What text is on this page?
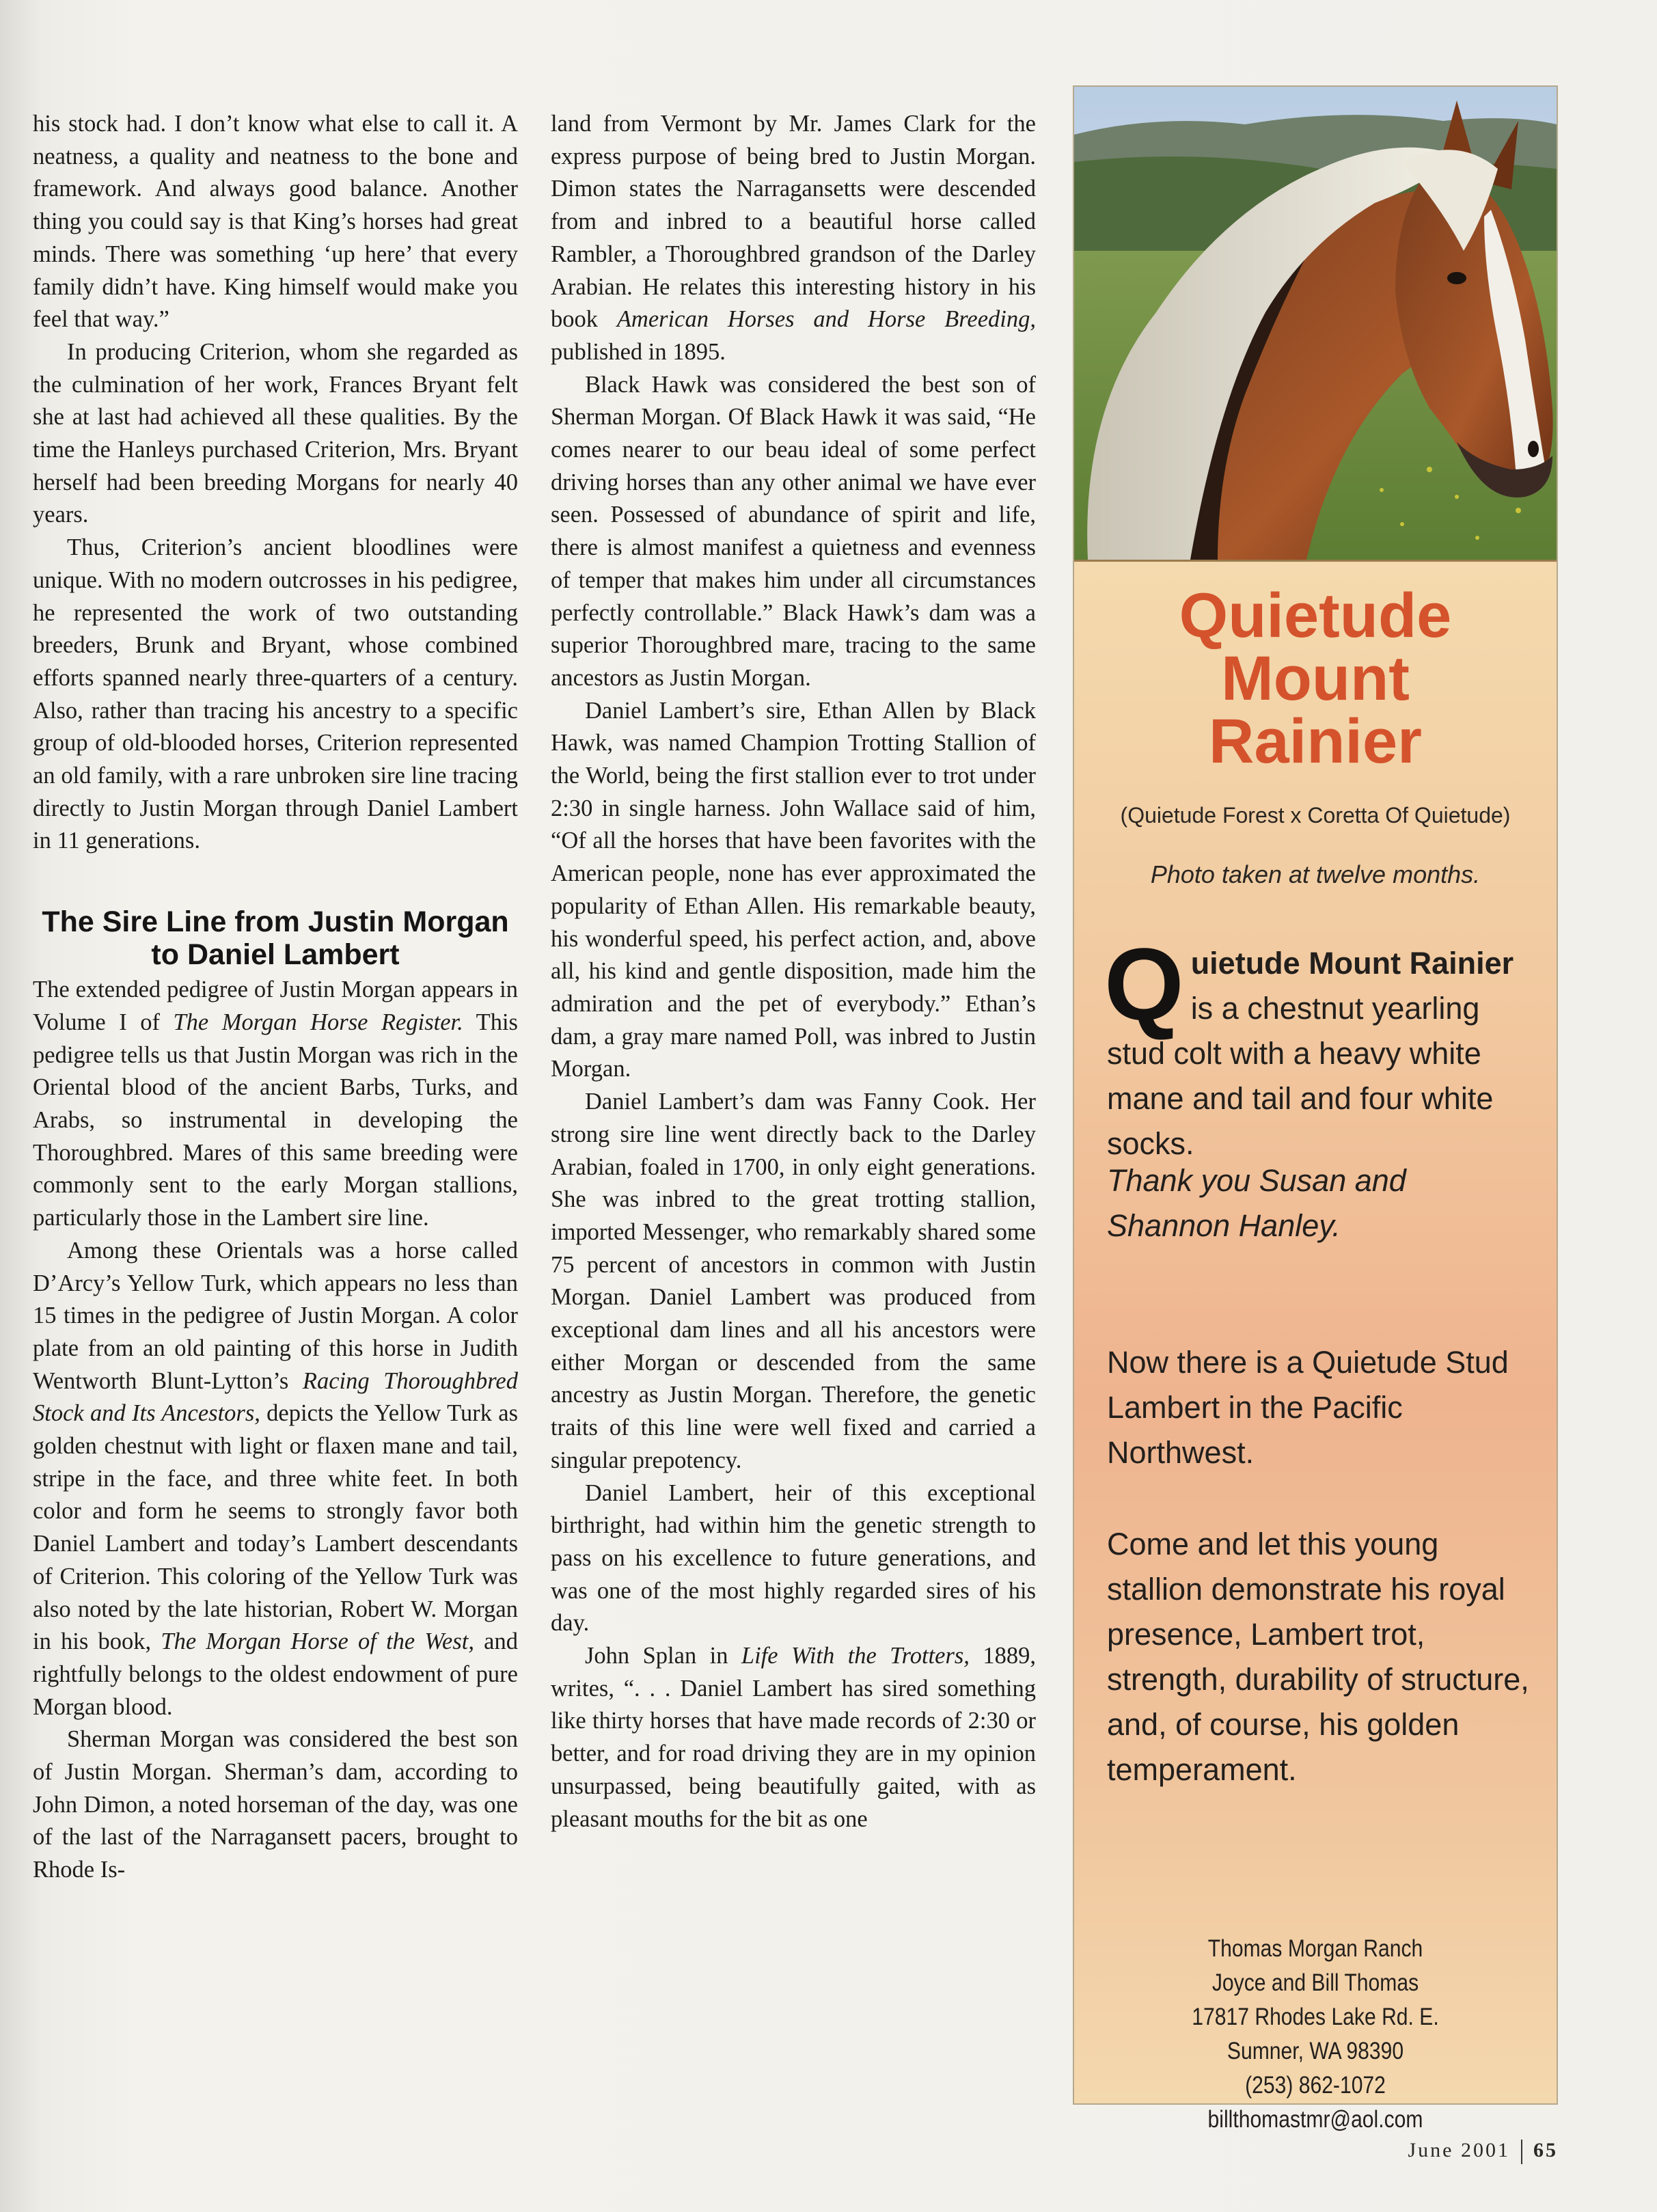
his stock had. I don’t know what else to call it. A neatness, a quality and neatness to the bone and framework. And always good balance. Another thing you could say is that King’s horses had great minds. There was something ‘up here’ that every family didn’t have. King himself would make you feel that way.”

In producing Criterion, whom she regarded as the culmination of her work, Frances Bryant felt she at last had achieved all these qualities. By the time the Hanleys purchased Criterion, Mrs. Bryant herself had been breeding Morgans for nearly 40 years.

Thus, Criterion’s ancient bloodlines were unique. With no modern outcrosses in his pedigree, he represented the work of two outstanding breeders, Brunk and Bryant, whose combined efforts spanned nearly three-quarters of a century. Also, rather than tracing his ancestry to a specific group of old-blooded horses, Criterion represented an old family, with a rare unbroken sire line tracing directly to Justin Morgan through Daniel Lambert in 11 generations.

The Sire Line from Justin Morgan to Daniel Lambert

The extended pedigree of Justin Morgan appears in Volume I of The Morgan Horse Register. This pedigree tells us that Justin Morgan was rich in the Oriental blood of the ancient Barbs, Turks, and Arabs, so instrumental in developing the Thoroughbred. Mares of this same breeding were commonly sent to the early Morgan stallions, particularly those in the Lambert sire line.

Among these Orientals was a horse called D’Arcy’s Yellow Turk, which appears no less than 15 times in the pedigree of Justin Morgan. A color plate from an old painting of this horse in Judith Wentworth Blunt-Lytton’s Racing Thoroughbred Stock and Its Ancestors, depicts the Yellow Turk as golden chestnut with light or flaxen mane and tail, stripe in the face, and three white feet. In both color and form he seems to strongly favor both Daniel Lambert and today’s Lambert descendants of Criterion. This coloring of the Yellow Turk was also noted by the late historian, Robert W. Morgan in his book, The Morgan Horse of the West, and rightfully belongs to the oldest endowment of pure Morgan blood.

Sherman Morgan was considered the best son of Justin Morgan. Sherman’s dam, according to John Dimon, a noted horseman of the day, was one of the last of the Narragansett pacers, brought to Rhode Is-

land from Vermont by Mr. James Clark for the express purpose of being bred to Justin Morgan. Dimon states the Narragansetts were descended from and inbred to a beautiful horse called Rambler, a Thoroughbred grandson of the Darley Arabian. He relates this interesting history in his book American Horses and Horse Breeding, published in 1895.

Black Hawk was considered the best son of Sherman Morgan. Of Black Hawk it was said, “He comes nearer to our beau ideal of some perfect driving horses than any other animal we have ever seen. Possessed of abundance of spirit and life, there is almost manifest a quietness and evenness of temper that makes him under all circumstances perfectly controllable.” Black Hawk’s dam was a superior Thoroughbred mare, tracing to the same ancestors as Justin Morgan.

Daniel Lambert’s sire, Ethan Allen by Black Hawk, was named Champion Trotting Stallion of the World, being the first stallion ever to trot under 2:30 in single harness. John Wallace said of him, “Of all the horses that have been favorites with the American people, none has ever approximated the popularity of Ethan Allen. His remarkable beauty, his wonderful speed, his perfect action, and, above all, his kind and gentle disposition, made him the admiration and the pet of everybody.” Ethan’s dam, a gray mare named Poll, was inbred to Justin Morgan.

Daniel Lambert’s dam was Fanny Cook. Her strong sire line went directly back to the Darley Arabian, foaled in 1700, in only eight generations. She was inbred to the great trotting stallion, imported Messenger, who remarkably shared some 75 percent of ancestors in common with Justin Morgan. Daniel Lambert was produced from exceptional dam lines and all his ancestors were either Morgan or descended from the same ancestry as Justin Morgan. Therefore, the genetic traits of this line were well fixed and carried a singular prepotency.

Daniel Lambert, heir of this exceptional birthright, had within him the genetic strength to pass on his excellence to future generations, and was one of the most highly regarded sires of his day.

John Splan in Life With the Trotters, 1889, writes, “. . . Daniel Lambert has sired something like thirty horses that have made records of 2:30 or better, and for road driving they are in my opinion unsurpassed, being beautifully gaited, with as pleasant mouths for the bit as one

Quietude
Mount
Rainier
(Quietude Forest x Coretta Of Quietude)
Photo taken at twelve months.
Quietude Mount Rainier is a chestnut yearling stud colt with a heavy white mane and tail and four white socks.
Thank you Susan and Shannon Hanley.
Now there is a Quietude Stud Lambert in the Pacific Northwest.
Come and let this young stallion demonstrate his royal presence, Lambert trot, strength, durability of structure, and, of course, his golden temperament.
Thomas Morgan Ranch
Joyce and Bill Thomas
17817 Rhodes Lake Rd. E.
Sumner, WA 98390
(253) 862-1072
billthomastmr@aol.com
June 2001 65
